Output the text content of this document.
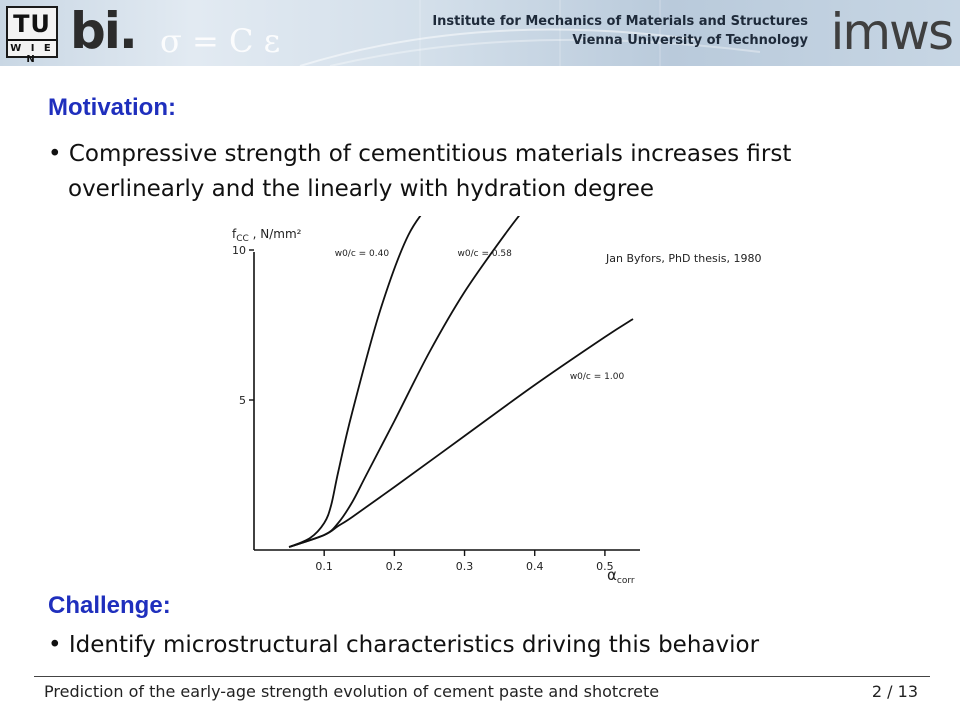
TU
W I E N bi. σ = C ε
Institute for Mechanics of Materials and Structures
Vienna University of Technology imws
Motivation:
• Compressive strength of cementitious materials increases first
overlinearly and the linearly with hydration degree
0.1	0.2	0.3	0.4	0.5
5
10
$f_{CC}$ , N/mm²
$\alpha_{corr}$
w0/c = 0.40	w0/c = 0.58
w0/c = 1.00
Jan Byfors, PhD thesis, 1980
Challenge:
• Identify microstructural characteristics driving this behavior
Prediction of the early-age strength evolution of cement paste and shotcrete	2 / 13
